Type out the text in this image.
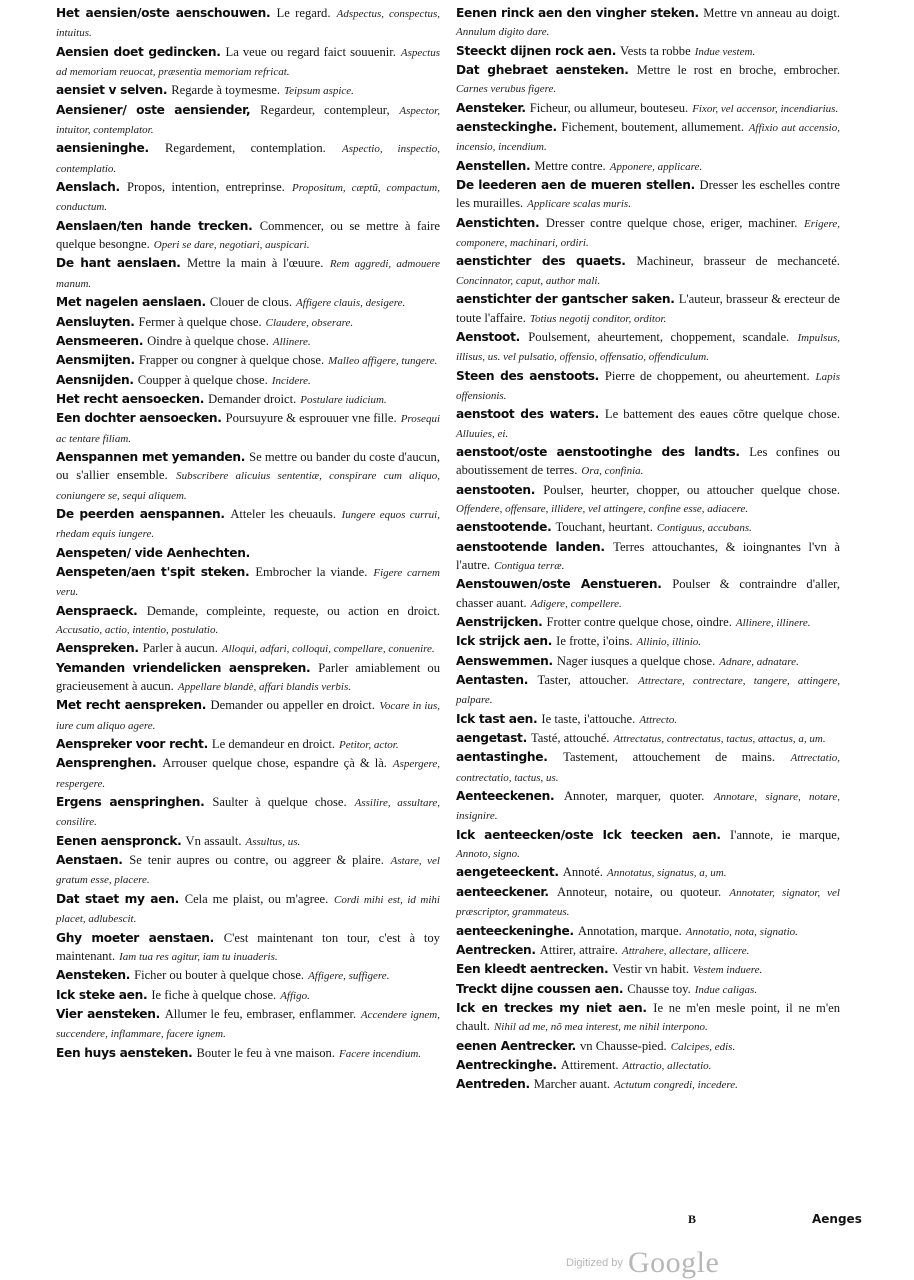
Het aensien/oste aenschouwen. Le regard. Adspectus, conspectus, intuitus.

Aensien doet gedincken. La veue ou regard faict souuenir. Aspectus ad memoriam reuocat, præsentia memoriam refricat.

aensiet v selven. Regarde à toymesme. Teipsum aspice.

Aensiener/ oste aensiender, Regardeur, contempleur, Aspector, intuitor, contemplator.

aensieninghe. Regardement, contemplation. Aspectio, inspectio, contemplatio.

Aenslach. Propos, intention, entreprinse. Propositum, cæptũ, compactum, conductum.

Aenslaen/ten hande trecken. Commencer, ou se mettre à faire quelque besongne. Operi se dare, negotiari, auspicari.

De hant aenslaen. Mettre la main à l'œuure. Rem aggredi, admouere manum.

Met nagelen aenslaen. Clouer de clous. Affigere clauis, desigere.

Aensluyten. Fermer à quelque chose. Claudere, obserare.

Aensmeeren. Oindre à quelque chose. Allinere.

Aensmijten. Frapper ou congner à quelque chose. Malleo affigere, tungere.

Aensnijden. Coupper à quelque chose. Incidere.

Het recht aensoecken. Demander droict. Postulare iudicium.

Een dochter aensoecken. Poursuyure & esprouuer vne fille. Prosequi ac tentare filiam.

Aenspannen met yemanden. Se mettre ou bander du coste d'aucun, ou s'allier ensemble. Subscribere alicuius sententiæ, conspirare cum aliquo, coniungere se, sequi aliquem.

De peerden aenspannen. Atteler les cheuauls. Iungere equos currui, rhedam equis iungere.

Aenspeten/ vide Aenhechten.

Aenspeten/aen t'spit steken. Embrocher la viande. Figere carnem veru.

Aenspraeck. Demande, compleinte, requeste, ou action en droict. Accusatio, actio, intentio, postulatio.

Aenspreken. Parler à aucun. Alloqui, adfari, colloqui, compellare, conuenire.

Yemanden vriendelicken aenspreken. Parler amiablement ou gracieusement à aucun. Appellare blandè, affari blandis verbis.

Met recht aenspreken. Demander ou appeller en droict. Vocare in ius, iure cum aliquo agere.

Aenspreker voor recht. Le demandeur en droict. Petitor, actor.

Aensprenghen. Arrouser quelque chose, espandre çà & là. Aspergere, respergere.

Ergens aenspringhen. Saulter à quelque chose. Assilire, assultare, consilire.

Eenen aenspronck. Vn assault. Assultus, us.

Aenstaen. Se tenir aupres ou contre, ou aggreer & plaire. Astare, vel gratum esse, placere.

Dat staet my aen. Cela me plaist, ou m'agree. Cordi mihi est, id mihi placet, adlubescit.

Ghy moeter aenstaen. C'est maintenant ton tour, c'est à toy maintenant. Iam tua res agitur, iam tu inuaderis.

Aensteken. Ficher ou bouter à quelque chose. Affigere, suffigere.

Ick steke aen. Ie fiche à quelque chose. Affigo.

Vier aensteken. Allumer le feu, embraser, enflammer. Accendere ignem, succendere, inflammare, facere ignem.

Een huys aensteken. Bouter le feu à vne maison. Facere incendium.

Eenen rinck aen den vingher steken. Mettre vn anneau au doigt. Annulum digito dare.

Steeckt dijnen rock aen. Vests ta robbe Indue vestem.

Dat ghebraet aensteken. Mettre le rost en broche, embrocher. Carnes verubus figere.

Aensteker. Ficheur, ou allumeur, bouteseu. Fixor, vel accensor, incendiarius.

aensteckinghe. Fichement, boutement, allumement. Affixio aut accensio, incensio, incendium.

Aenstellen. Mettre contre. Apponere, applicare.

De leederen aen de mueren stellen. Dresser les eschelles contre les murailles. Applicare scalas muris.

Aenstichten. Dresser contre quelque chose, eriger, machiner. Erigere, componere, machinari, ordiri.

aenstichter des quaets. Machineur, brasseur de mechanceté. Concinnator, caput, author mali.

aenstichter der gantscher saken. L'auteur, brasseur & erecteur de toute l'affaire. Totius negotij conditor, orditor.

Aenstoot. Poulsement, aheurtement, choppement, scandale. Impulsus, illisus, us. vel pulsatio, offensio, offensatio, offendiculum.

Steen des aenstoots. Pierre de choppement, ou aheurtement. Lapis offensionis.

aenstoot des waters. Le battement des eaues cõtre quelque chose. Alluuies, ei.

aenstoot/oste aenstootinghe des landts. Les confines ou aboutissement de terres. Ora, confinia.

aenstooten. Poulser, heurter, chopper, ou attoucher quelque chose. Offendere, offensare, illidere, vel attingere, confine esse, adiacere.

aenstootende. Touchant, heurtant. Contiguus, accubans.

aenstootende landen. Terres attouchantes, & ioingnantes l'vn à l'autre. Contigua terræ.

Aenstouwen/oste Aenstueren. Poulser & contraindre d'aller, chasser auant. Adigere, compellere.

Aenstrijcken. Frotter contre quelque chose, oindre. Allinere, illinere.

Ick strijck aen. Ie frotte, i'oins. Allinio, illinio.

Aenswemmen. Nager iusques a quelque chose. Adnare, adnatare.

Aentasten. Taster, attoucher. Attrectare, contrectare, tangere, attingere, palpare.

Ick tast aen. Ie taste, i'attouche. Attrecto.

aengetast. Tasté, attouché. Attrectatus, contrectatus, tactus, attactus, a, um.

aentastinghe. Tastement, attouchement de mains. Attrectatio, contrectatio, tactus, us.

Aenteeckenen. Annoter, marquer, quoter. Annotare, signare, notare, insignire.

Ick aenteecken/oste Ick teecken aen. I'annote, ie marque, Annoto, signo.

aengeteeckent. Annoté. Annotatus, signatus, a, um.

aenteeckener. Annoteur, notaire, ou quoteur. Annotater, signator, vel præscriptor, grammateus.

aenteeckeninghe. Annotation, marque. Annotatio, nota, signatio.

Aentrecken. Attirer, attraire. Attrahere, allectare, allicere.

Een kleedt aentrecken. Vestir vn habit. Vestem induere.

Treckt dijne coussen aen. Chausse toy. Indue caligas.

Ick en treckes my niet aen. Ie ne m'en mesle point, il ne m'en chault. Nihil ad me, nõ mea interest, me nihil interpono.

eenen Aentrecker. vn Chausse-pied. Calcipes, edis.

Aentreckinghe. Attirement. Attractio, allectatio.

Aentreden. Marcher auant. Actutum congredi, incedere.

B	Aenges
Digitized by Google
